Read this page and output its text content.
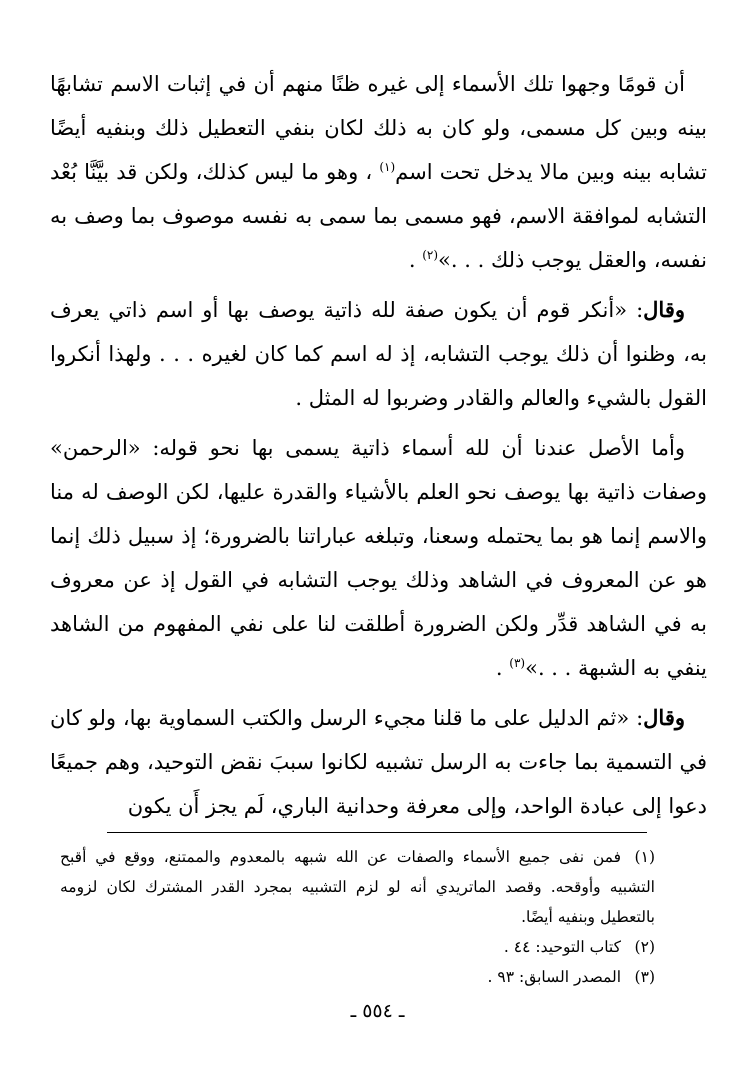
أن قومًا وجهوا تلك الأسماء إلى غيره ظنًا منهم أن في إثبات الاسم تشابهًا بينه وبين كل مسمى، ولو كان به ذلك لكان بنفي التعطيل ذلك وبنفيه أيضًا تشابه بينه وبين مالا يدخل تحت اسم$^{(١)}$ ، وهو ما ليس كذلك، ولكن قد بيَّنَّا بُعْد التشابه لموافقة الاسم، فهو مسمى بما سمى به نفسه موصوف بما وصف به نفسه، والعقل يوجب ذلك . . .»$^{(٢)}$ .

وقال: «أنكر قوم أن يكون صفة لله ذاتية يوصف بها أو اسم ذاتي يعرف به، وظنوا أن ذلك يوجب التشابه، إذ له اسم كما كان لغيره . . . ولهذا أنكروا القول بالشيء والعالم والقادر وضربوا له المثل .

وأما الأصل عندنا أن لله أسماء ذاتية يسمى بها نحو قوله: «الرحمن» وصفات ذاتية بها يوصف نحو العلم بالأشياء والقدرة عليها، لكن الوصف له منا والاسم إنما هو بما يحتمله وسعنا، وتبلغه عباراتنا بالضرورة؛ إذ سبيل ذلك إنما هو عن المعروف في الشاهد وذلك يوجب التشابه في القول إذ عن معروف به في الشاهد قدِّر ولكن الضرورة أطلقت لنا على نفي المفهوم من الشاهد ينفي به الشبهة . . .»$^{(٣)}$ .

وقال: «ثم الدليل على ما قلنا مجيء الرسل والكتب السماوية بها، ولو كان في التسمية بما جاءت به الرسل تشبيه لكانوا سببَ نقض التوحيد، وهم جميعًا دعوا إلى عبادة الواحد، وإلى معرفة وحدانية الباري، لَم يجز أَن يكون

(١)فمن نفى جميع الأسماء والصفات عن الله شبهه بالمعدوم والممتنع، ووقع في أقبح التشبيه وأوقحه. وقصد الماتريدي أنه لو لزم التشبيه بمجرد القدر المشترك لكان لزومه بالتعطيل وبنفيه أيضًا.

(٢)كتاب التوحيد: ٤٤ .

(٣)المصدر السابق: ٩٣ .

ـ ٥٥٤ ـ
